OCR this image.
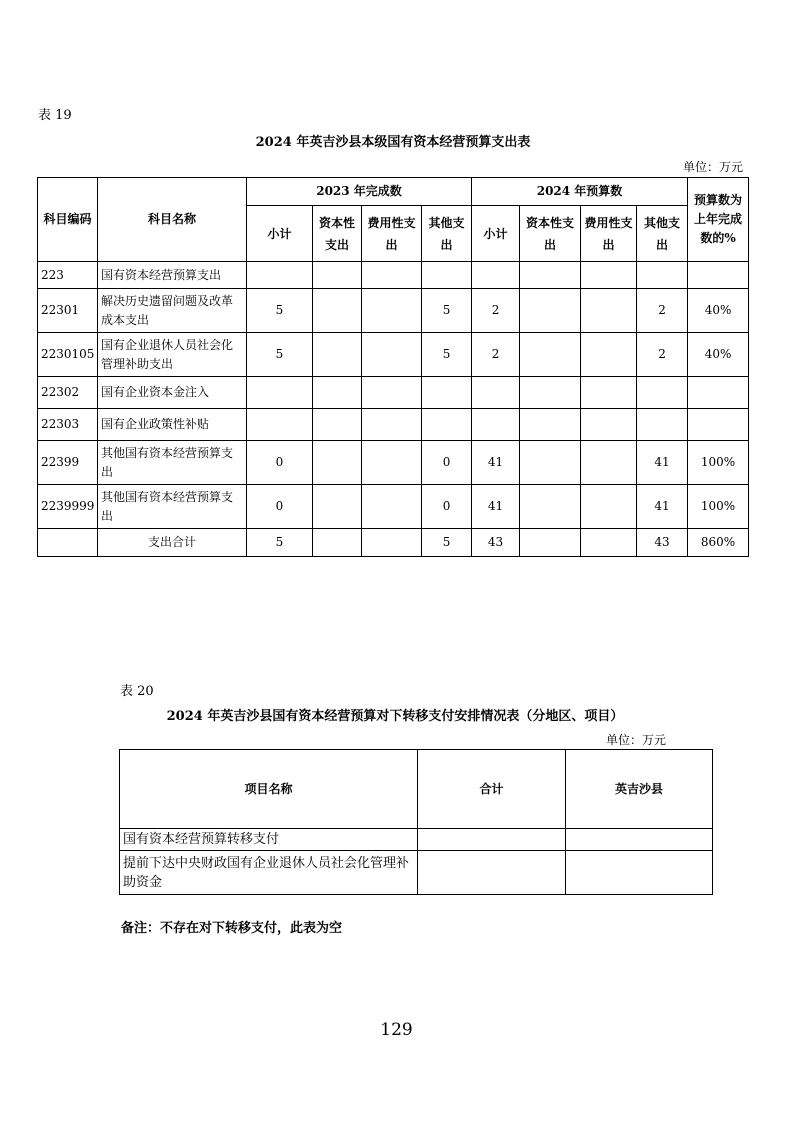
表 19
2024 年英吉沙县本级国有资本经营预算支出表
单位：万元
科目编码	科目名称	2023 年完成数				2024 年预算数				预算数为上年完成数的%
		小计	资本性支出	费用性支出	其他支出	小计	资本性支出	费用性支出	其他支出	
223	国有资本经营预算支出									
22301	解决历史遗留问题及改革成本支出	5			5	2			2	40%
2230105	国有企业退休人员社会化管理补助支出	5			5	2			2	40%
22302	国有企业资本金注入									
22303	国有企业政策性补贴									
22399	其他国有资本经营预算支出	0			0	41			41	100%
2239999	其他国有资本经营预算支出	0			0	41			41	100%
	支出合计	5			5	43			43	860%
表 20
2024 年英吉沙县国有资本经营预算对下转移支付安排情况表（分地区、项目）
单位：万元
项目名称	合计	英吉沙县
国有资本经营预算转移支付		
提前下达中央财政国有企业退休人员社会化管理补助资金		
备注：不存在对下转移支付，此表为空
129
